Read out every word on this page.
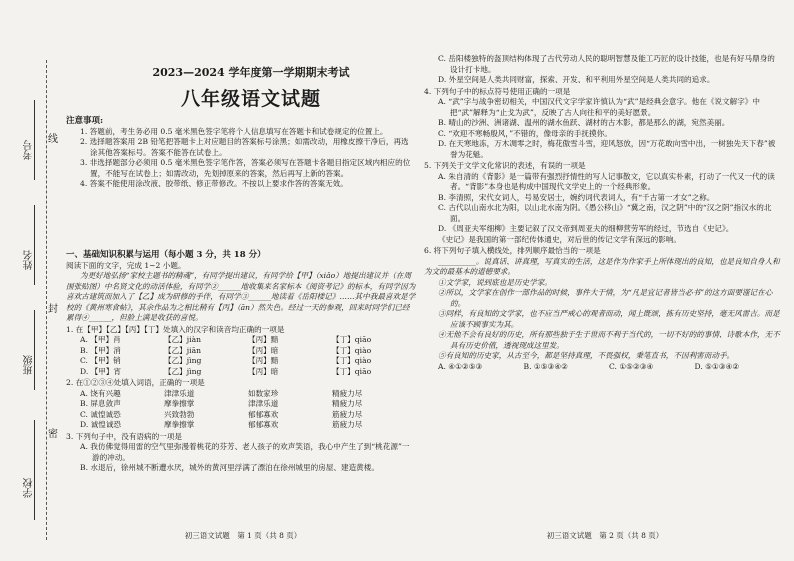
考号
姓名
班级
学校
线
封
密
2023—2024 学年度第一学期期末考试
八年级语文试题
注意事项:
1. 答题前，考生务必用 0.5 毫米黑色签字笔将个人信息填写在答题卡和试卷规定的位置上。
2. 选择题答案用 2B 铅笔把答题卡上对应题目的答案标号涂黑；如需改动，用橡皮擦干净后，再选涂其他答案标号。答案不能答在试卷上。
3. 非选择题部分必须用 0.5 毫米黑色签字笔作答，答案必须写在答题卡各题目指定区域内相应的位置，不能写在试卷上；如需改动，先划掉原来的答案，然后再写上新的答案。
4. 答案不能使用涂改液、胶带纸、修正带修改。不按以上要求作答的答案无效。
一、基础知识积累与运用（每小题 3 分，共 18 分）
阅读下面的文字，完成 1~2 小题。
为更好地弘扬“家校主题书的精魂”，有同学提出建议，有同学给【甲】（xiǎo）地提出建议并（在周围张贴图）中名贤文化的动活体验，有同学②______地收集来名家标本《阅资考记》的标本，有同学因为喜欢古建筑而加入了【乙】成为研修的手伴，有同学③______地读着《岳阳楼记》……其中我最喜欢是学校的《黄州寒食帖》，其余作品为之相比稍有【丙】（ān）然失色。经过一天的参观，回来时同学们已经累得④______，但脸上满是收获的喜悦。
1. 在【甲】【乙】【丙】【丁】处填入的汉字和读音均正确的一项是
A. 【甲】肖	【乙】jiàn	【丙】黯	【丁】qiāo
B. 【甲】消	【乙】jiān	【丙】暗	【丁】qiào
C. 【甲】销	【乙】jìng	【丙】黯	【丁】qiào
D. 【甲】宵	【乙】jìng	【丙】暗	【丁】qiāo
2. 在①②③④处填入词语，正确的一项是
A. 饶有兴趣	津津乐道	如数家珍	精疲力尽
B. 屏息敛声	摩拳擦掌	津津乐道	精疲力尽
C. 诚惶诚恐	兴致勃勃	郁郁寡欢	筋疲力尽
D. 诚惶诚恐	摩拳擦掌	郁郁寡欢	筋疲力尽
3. 下列句子中，没有语病的一项是
A. 我仿佛觉得用雷的空气里弥漫着桃花的芬芳、老人孩子的欢声笑语，我心中产生了到“桃花源”一游的冲动。
B. 水退后，徐州城不断遭水厌，城外的黄河里浮满了漂泊在徐州城里的房屋、建造黄楼。
初三语文试题　第 1 页（共 8 页）
C. 岳阳楼独特的盔顶结构体现了古代劳动人民的聪明智慧及能工巧匠的设计技能，也是有好马鼎身的设计打卡地。
D. 外星空间是人类共同财富，探索、开发、和平利用外星空间是人类共同的追求。
4. 下列句子中的标点符号使用正确的一项是
A. “武”字与战争密切相关，中国汉代文字学家许慎认为“武”是经典会意字。他在《说文解字》中把“武”解释为“止戈为武”，反映了古人向往和平的美好愿景。
B. 晴山的沙洲、洲诸湖、温州的湖水鱼跃、湖材的古木影，都是那么的湖，宛然美丽。
C. “欢迎不寒畅殷风，”不错的，像母亲的手抚摸你。
D. 在天寒地冻，万木凋零之时，梅花傲雪斗雪，迎风怒放，因“万花敢向雪中出，一树独先天下春”被誉为花魁。
5. 下列关于文学文化常识的表述，有误的一项是
A. 朱自清的《背影》是一篇带有强烈抒情性的写人记事散文，它以真实朴素，打动了一代又一代的读者。“背影”本身也是构成中国现代文学史上的一个经典形象。
B. 李清照，宋代女词人，号易安居士，婉约词代表词人，有“千古第一才女”之称。
C. 古代以山南水北为阳，以山北水南为阴。《愚公移山》“冀之南，汉之阴”中的“汉之阴”指汉水的北面。
D. 《周亚夫军细柳》主要记叙了汉文帝到周亚夫的细柳营劳军的经过，节选自《史记》。
《史记》是我国的第一部纪传体通史，对后世的传记文学有深远的影响。
6. 将下列句子填入横线处，排列顺序最恰当的一项是
__________。说真话、讲真理，写真实的生活，这是作为作家手上所体现出的良知，也是良知自身人和为文的最基本的道德要求。
①文学家，说到底也是历史学家。
②所以，文学家在创作一部作品的时候，事件大于情，为“凡是宜记者皆当必书”的这方面要谨记在心的。
③同样，有良知的文学家，也不应当严戒心的观者而动，闻上既颂，拣有历史坚持，毫无风雷吉。而是应该不顾事实为其。
④无他不会有良好的历史，所有那些独于生于世而不利于当代的，一切不好的的事情、诗歌本作，无不具有历史价值，透视现成这里发。
⑤有良知的历史家，从古至今，都是坚持真理，不畏强权，秉笔直书，不因利害而动手。
A. ④①②⑤③	B. ①⑤③④②	C. ①⑤②③④	D. ⑤①③④②
初三语文试题　第 2 页（共 8 页）
